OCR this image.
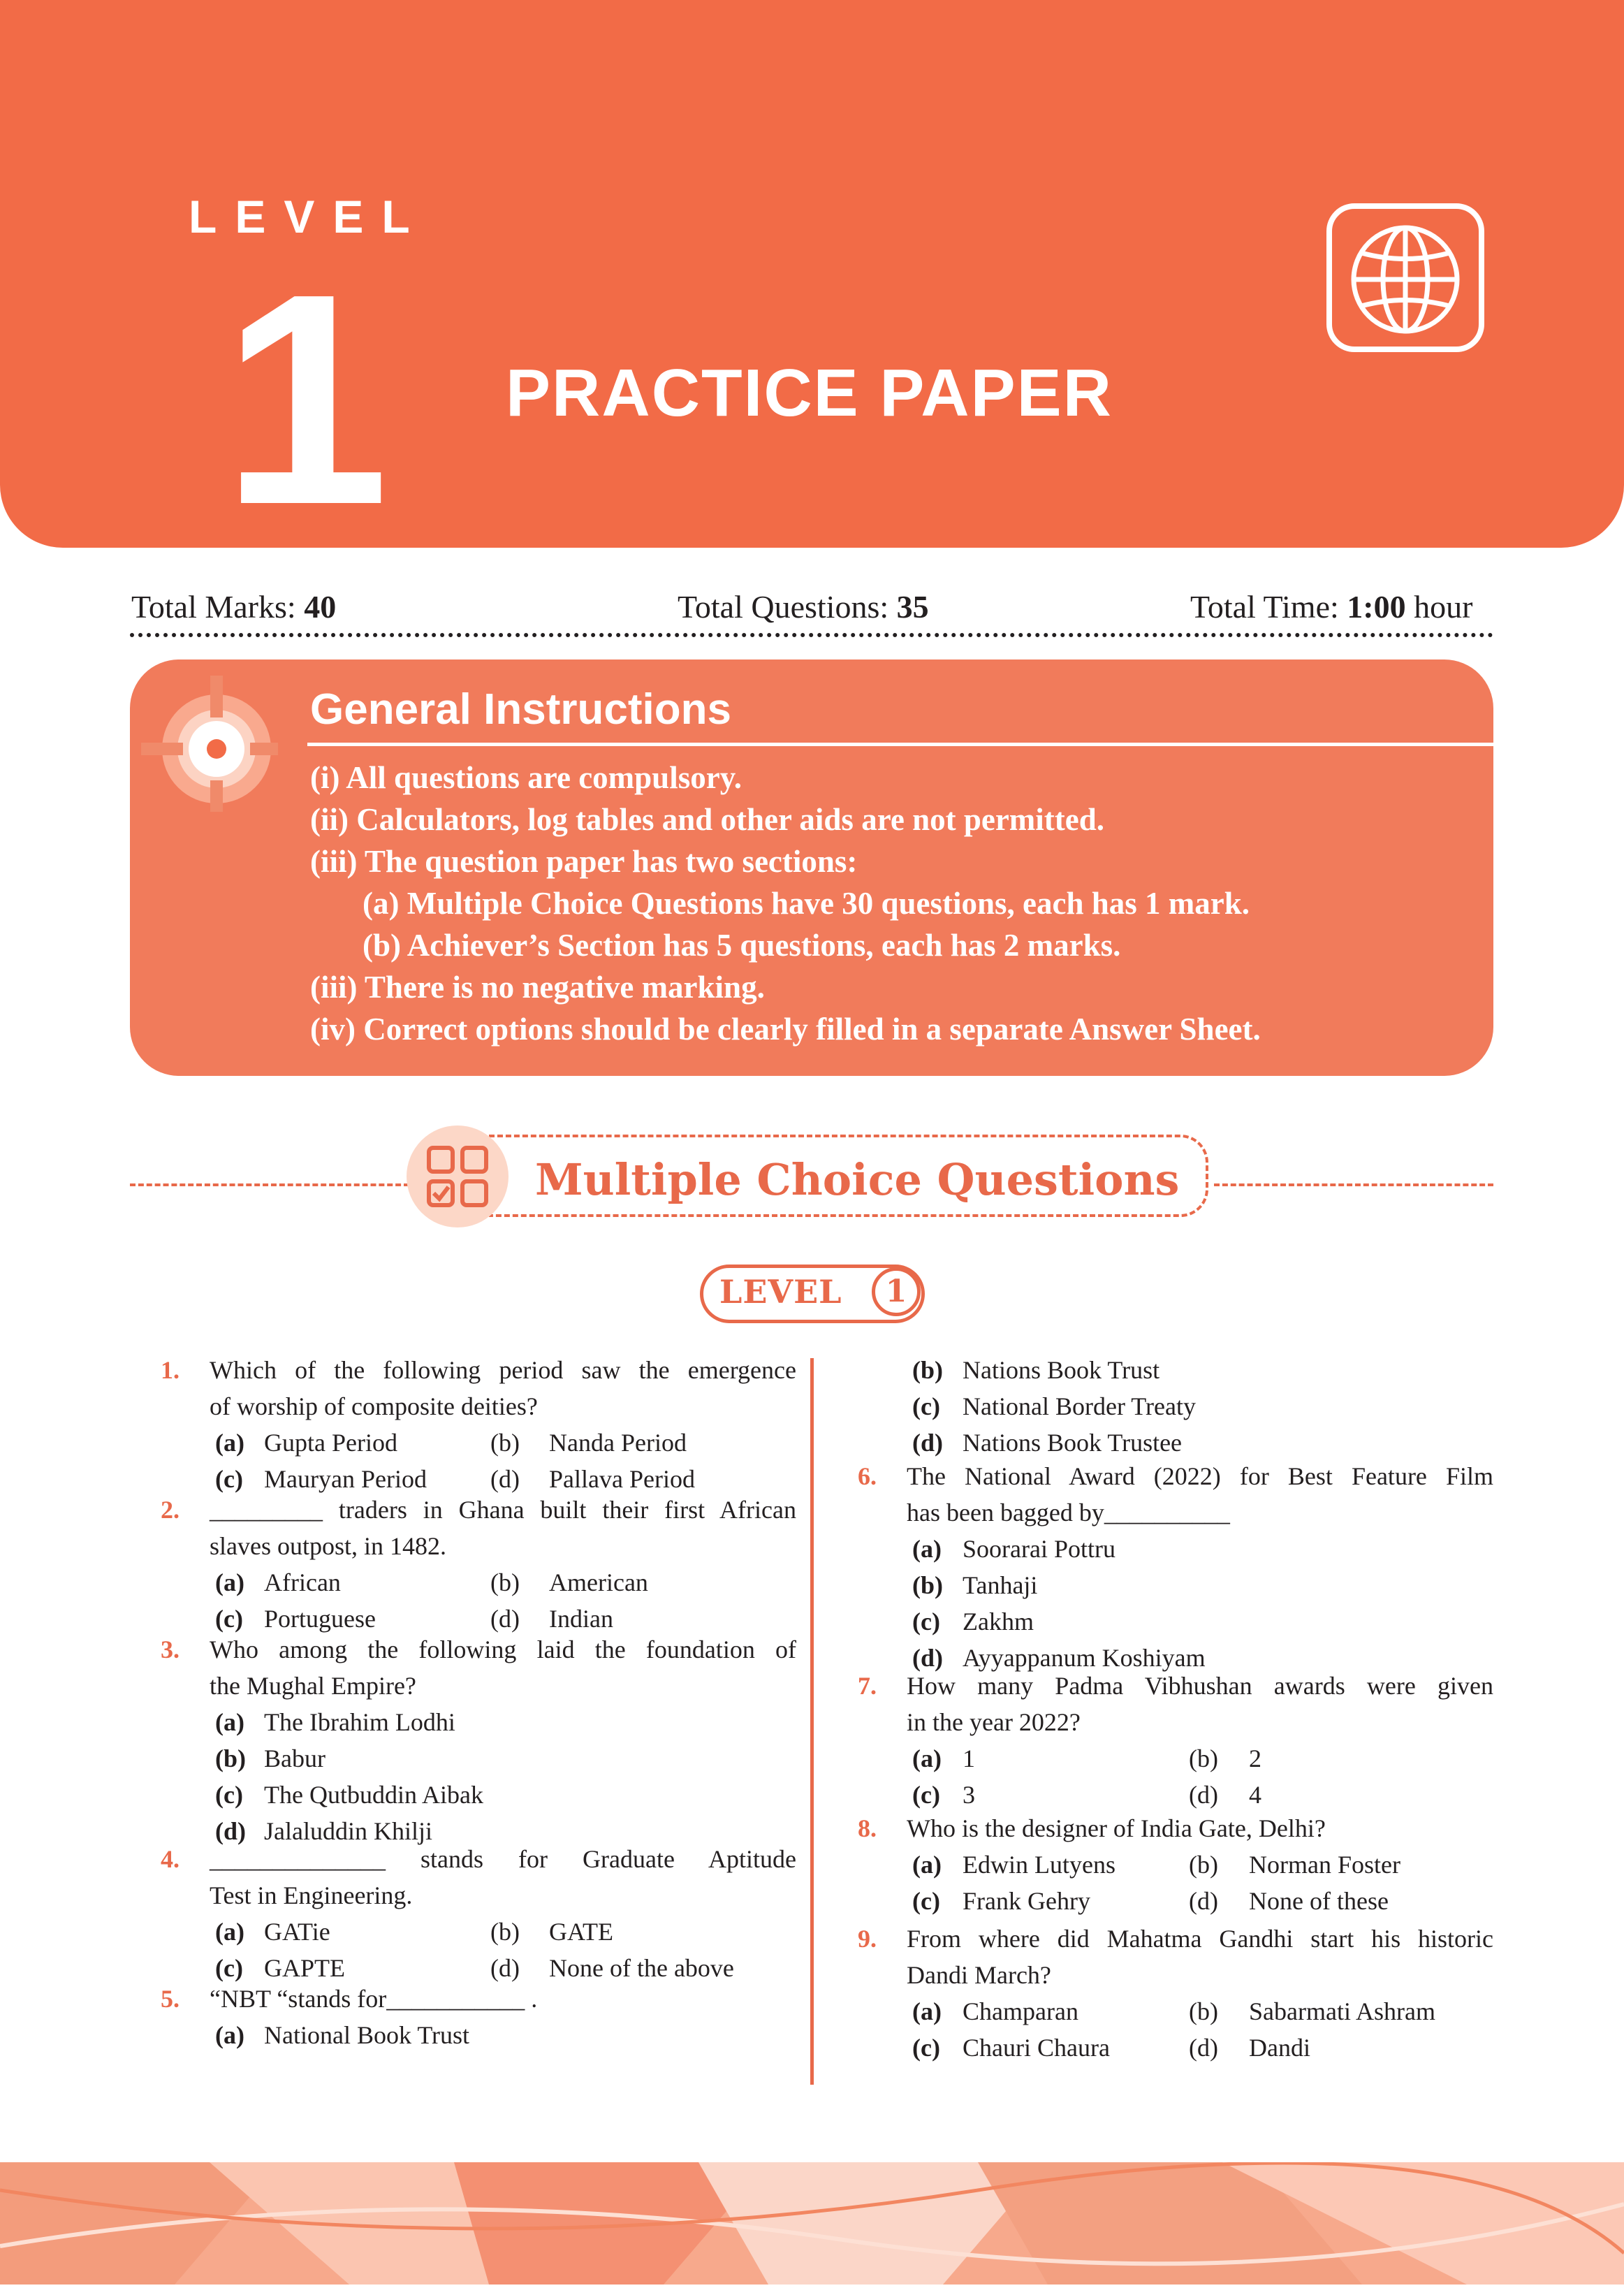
LEVEL
1 PRACTICE PAPER
Total Marks: 40	Total Questions: 35	Total Time: 1:00 hour
General Instructions
(i) All questions are compulsory.
(ii) Calculators, log tables and other aids are not permitted.
(iii) The question paper has two sections:
(a) Multiple Choice Questions have 30 questions, each has 1 mark.
(b) Achiever’s Section has 5 questions, each has 2 marks.
(iii) There is no negative marking.
(iv) Correct options should be clearly filled in a separate Answer Sheet.
Multiple Choice Questions
LEVEL	1
1. Which of the following period saw the emergence
of worship of composite deities?
(a) Gupta Period	(b) Nanda Period
(c) Mauryan Period	(d) Pallava Period
2. _________ traders in Ghana built their first African
slaves outpost, in 1482.
(a) African	(b) American
(c) Portuguese	(d) Indian
3. Who among the following laid the foundation of
the Mughal Empire?
(a) The Ibrahim Lodhi
(b) Babur
(c) The Qutbuddin Aibak
(d) Jalaluddin Khilji
4. ______________ stands for Graduate Aptitude
Test in Engineering.
(a) GATie	(b) GATE
(c) GAPTE	(d) None of the above
5. “NBT “stands for___________ .
(a) National Book Trust
(b) Nations Book Trust
(c) National Border Treaty
(d) Nations Book Trustee
6. The National Award (2022) for Best Feature Film
has been bagged by__________
(a) Soorarai Pottru
(b) Tanhaji
(c) Zakhm
(d) Ayyappanum Koshiyam
7. How many Padma Vibhushan awards were given
in the year 2022?
(a) 1	(b) 2
(c) 3	(d) 4
8. Who is the designer of India Gate, Delhi?
(a) Edwin Lutyens	(b) Norman Foster
(c) Frank Gehry	(d) None of these
9. From where did Mahatma Gandhi start his historic
Dandi March?
(a) Champaran	(b) Sabarmati Ashram
(c) Chauri Chaura	(d) Dandi
